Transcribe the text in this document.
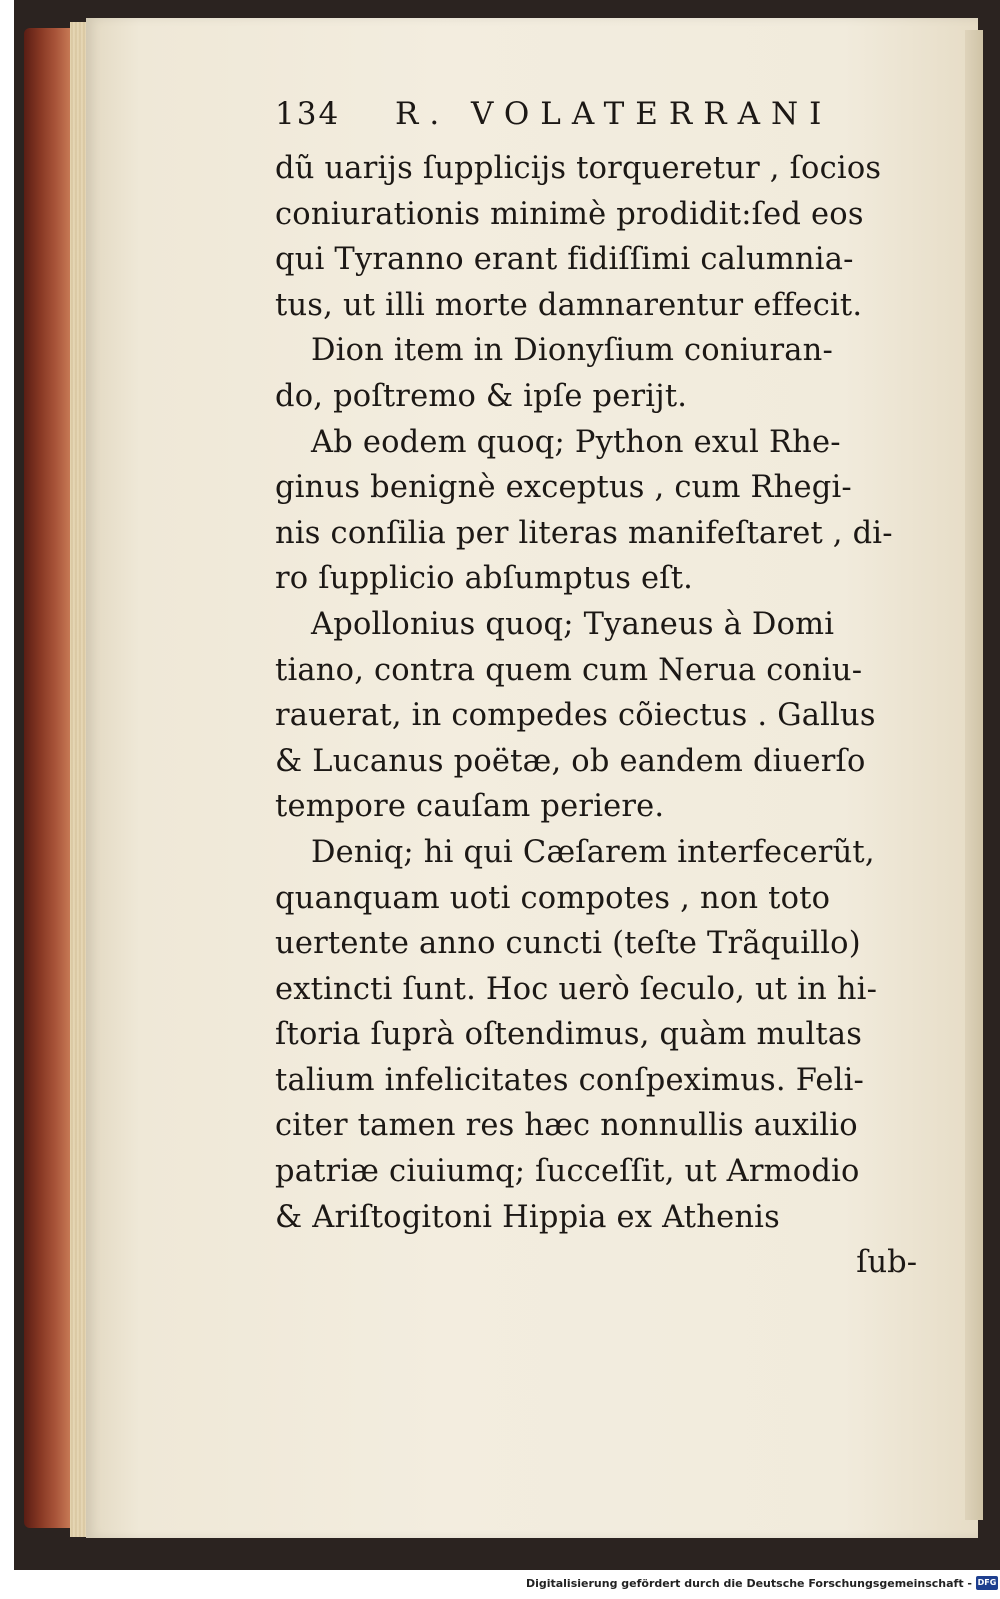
134	R. VOLATERRANI
dũ uarijs ſupplicijs torqueretur , ſocios
coniurationis minimè prodidit:ſed eos
qui Tyranno erant fidiſſimi calumnia-
tus, ut illi morte damnarentur effecit.
Dion item in Dionyſium coniuran-
do, poſtremo & ipſe perijt.
Ab eodem quoq; Python exul Rhe-
ginus benignè exceptus , cum Rhegi-
nis conſilia per literas manifeſtaret , di-
ro ſupplicio abſumptus eſt.
Apollonius quoq; Tyaneus à Domi
tiano, contra quem cum Nerua coniu-
rauerat, in compedes cõiectus . Gallus
& Lucanus poëtæ, ob eandem diuerſo
tempore cauſam periere.
Deniq; hi qui Cæſarem interfecerũt,
quanquam uoti compotes , non toto
uertente anno cuncti (teſte Trãquillo)
extincti ſunt. Hoc uerò ſeculo, ut in hi-
ſtoria ſuprà oſtendimus, quàm multas
talium infelicitates conſpeximus. Feli-
citer tamen res hæc nonnullis auxilio
patriæ ciuiumq; ſucceſſit, ut Armodio
& Ariſtogitoni Hippia ex Athenis
ſub-
Digitalisierung gefördert durch die Deutsche Forschungsgemeinschaft - DFG
